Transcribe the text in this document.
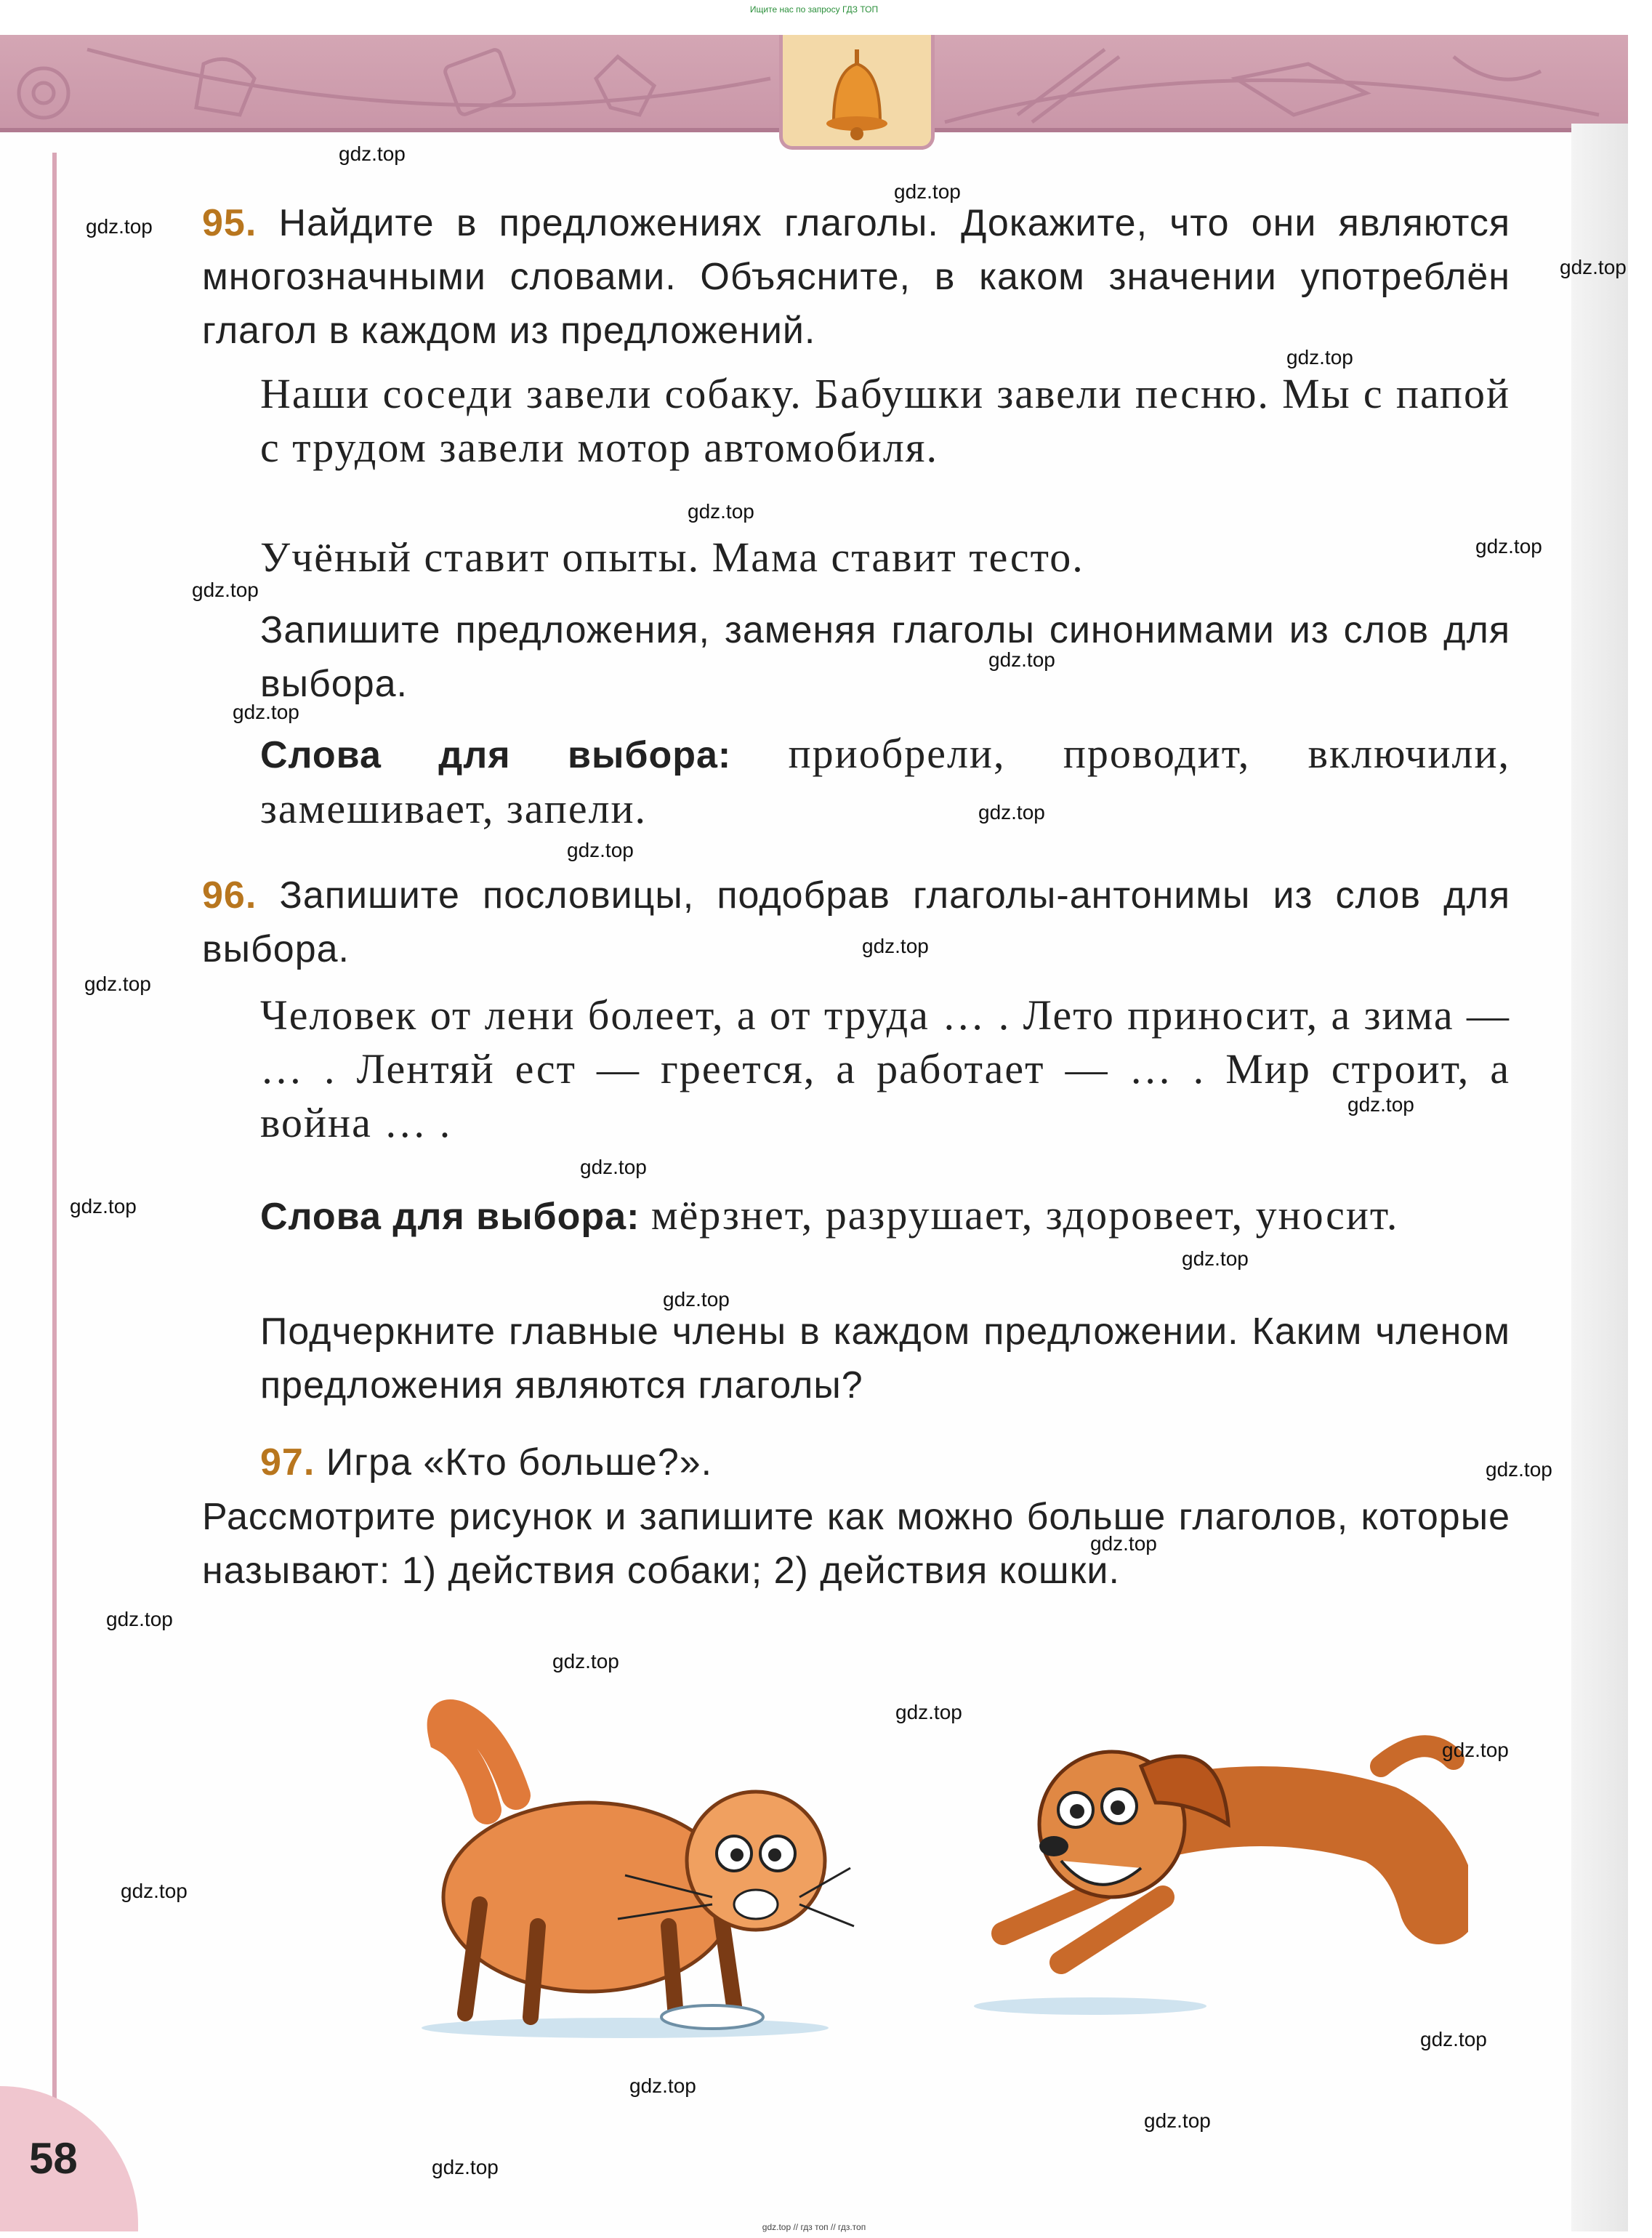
Ищите нас по запросу ГДЗ ТОП
95. Найдите в предложениях глаголы. Докажите, что они являются многозначными словами. Объясните, в каком значении употреблён глагол в каждом из предложений.
Наши соседи завели собаку. Бабушки завели песню. Мы с папой с трудом завели мотор автомобиля.
Учёный ставит опыты. Мама ставит тесто.
Запишите предложения, заменяя глаголы синонимами из слов для выбора.
Слова для выбора: приобрели, проводит, включили, замешивает, запели.
96. Запишите пословицы, подобрав глаголы-антонимы из слов для выбора.
Человек от лени болеет, а от труда … . Лето приносит, а зима — … . Лентяй ест — греется, а работает — … . Мир строит, а война … .
Слова для выбора: мёрзнет, разрушает, здоровеет, уносит.
Подчеркните главные члены в каждом предложении. Каким членом предложения являются глаголы?
97. Игра «Кто больше?».
Рассмотрите рисунок и запишите как можно больше глаголов, которые называют: 1) действия собаки; 2) действия кошки.
58
gdz.top
gdz.top
gdz.top
gdz.top
gdz.top
gdz.top
gdz.top
gdz.top
gdz.top
gdz.top
gdz.top
gdz.top
gdz.top
gdz.top
gdz.top
gdz.top
gdz.top
gdz.top
gdz.top
gdz.top
gdz.top
gdz.top
gdz.top
gdz.top
gdz.top
gdz.top
gdz.top
gdz.top
gdz.top
gdz.top
gdz.top // гдз топ // гдз.топ
